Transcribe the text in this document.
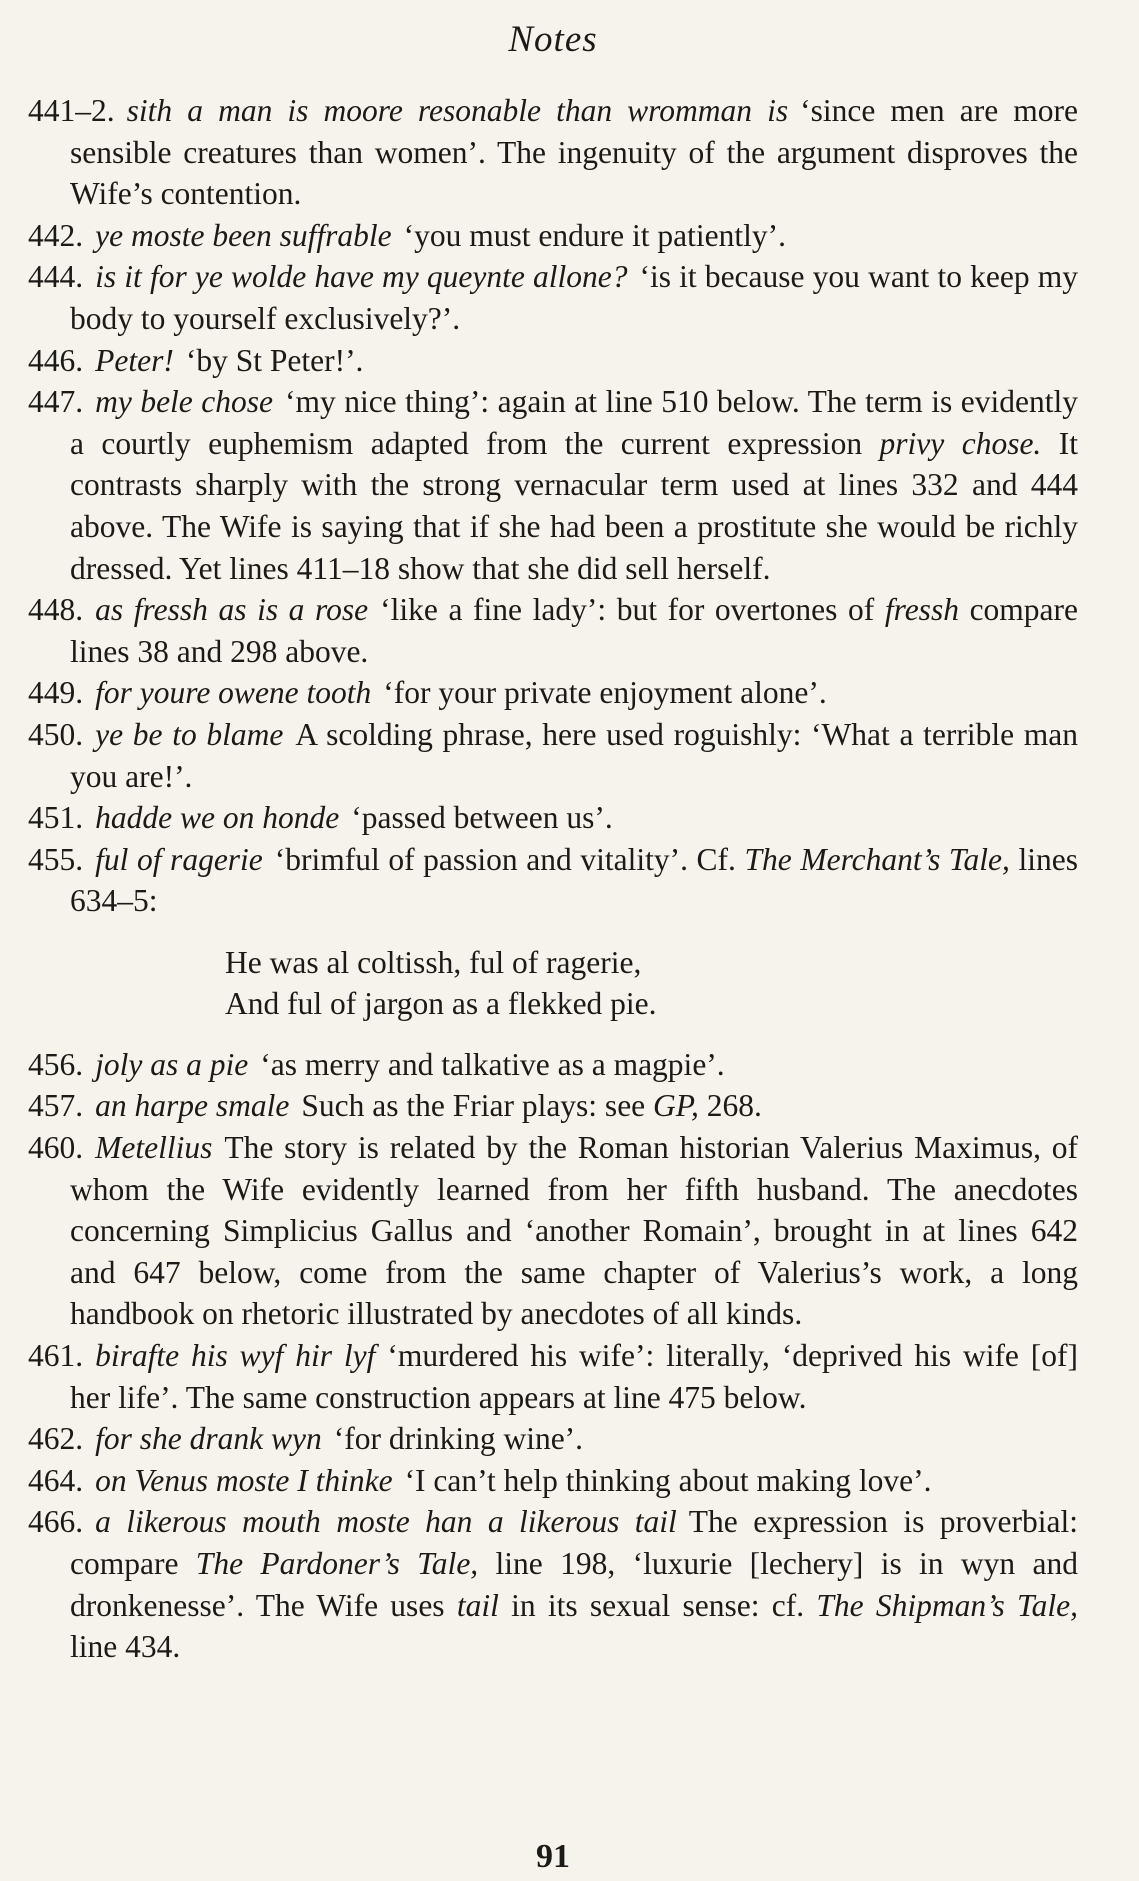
Notes

441–2. sith a man is moore resonable than wromman is ‘since men are more sensible creatures than women’. The ingenuity of the argument disproves the Wife’s contention.

442. ye moste been suffrable ‘you must endure it patiently’.

444. is it for ye wolde have my queynte allone? ‘is it because you want to keep my body to yourself exclusively?’.

446. Peter! ‘by St Peter!’.

447. my bele chose ‘my nice thing’: again at line 510 below. The term is evidently a courtly euphemism adapted from the current expression privy chose. It contrasts sharply with the strong vernacular term used at lines 332 and 444 above. The Wife is saying that if she had been a prostitute she would be richly dressed. Yet lines 411–18 show that she did sell herself.

448. as fressh as is a rose ‘like a fine lady’: but for overtones of fressh compare lines 38 and 298 above.

449. for youre owene tooth ‘for your private enjoyment alone’.

450. ye be to blame A scolding phrase, here used roguishly: ‘What a terrible man you are!’.

451. hadde we on honde ‘passed between us’.

455. ful of ragerie ‘brimful of passion and vitality’. Cf. The Merchant’s Tale, lines 634–5:

He was al coltissh, ful of ragerie,
And ful of jargon as a flekked pie.

456. joly as a pie ‘as merry and talkative as a magpie’.

457. an harpe smale Such as the Friar plays: see GP, 268.

460. Metellius The story is related by the Roman historian Valerius Maximus, of whom the Wife evidently learned from her fifth husband. The anecdotes concerning Simplicius Gallus and ‘another Romain’, brought in at lines 642 and 647 below, come from the same chapter of Valerius’s work, a long handbook on rhetoric illustrated by anecdotes of all kinds.

461. birafte his wyf hir lyf ‘murdered his wife’: literally, ‘deprived his wife [of] her life’. The same construction appears at line 475 below.

462. for she drank wyn ‘for drinking wine’.

464. on Venus moste I thinke ‘I can’t help thinking about making love’.

466. a likerous mouth moste han a likerous tail The expression is proverbial: compare The Pardoner’s Tale, line 198, ‘luxurie [lechery] is in wyn and dronkenesse’. The Wife uses tail in its sexual sense: cf. The Shipman’s Tale, line 434.

91
